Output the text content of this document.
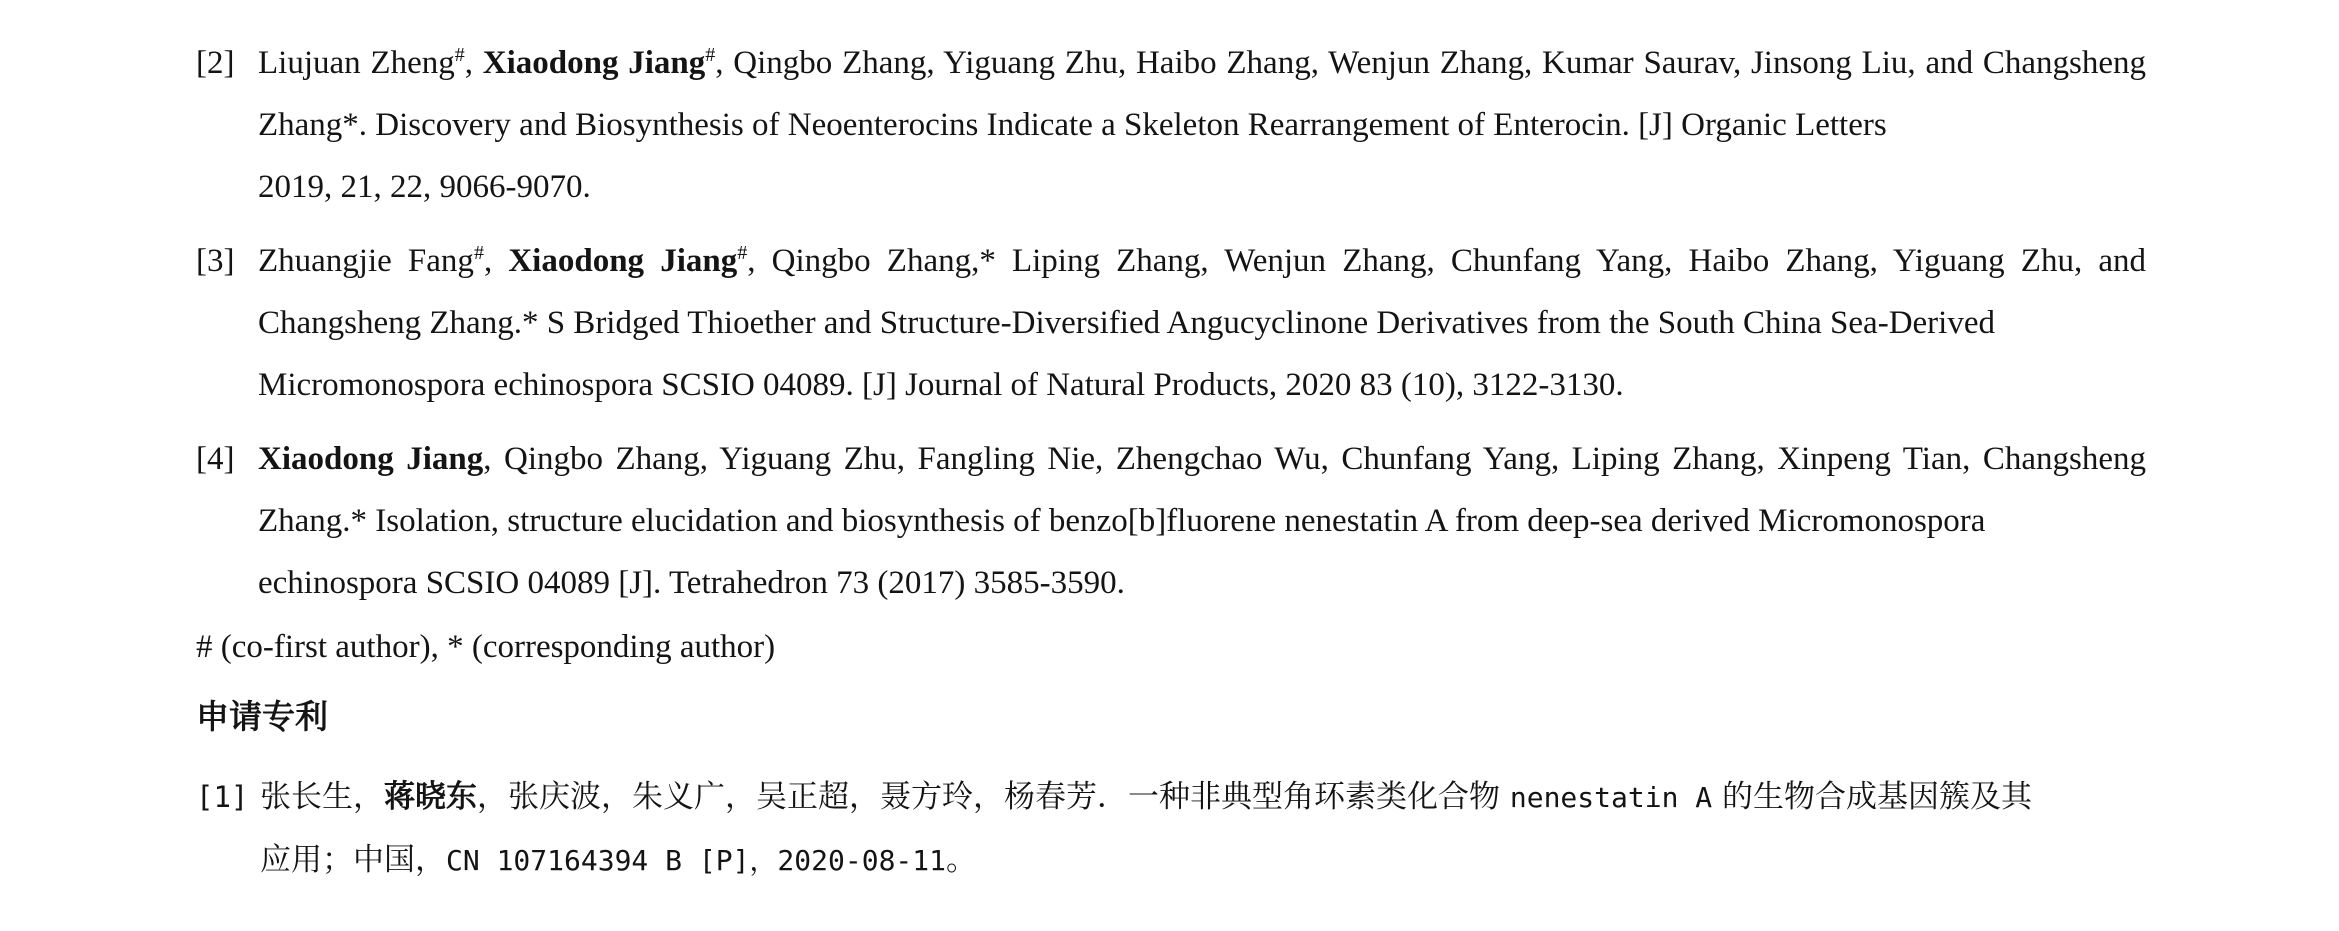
[2] Liujuan Zheng#, Xiaodong Jiang#, Qingbo Zhang, Yiguang Zhu, Haibo Zhang, Wenjun Zhang, Kumar Saurav, Jinsong Liu, and Changsheng Zhang*. Discovery and Biosynthesis of Neoenterocins Indicate a Skeleton Rearrangement of Enterocin. [J] Organic Letters
2019, 21, 22, 9066-9070.
[3] Zhuangjie Fang#, Xiaodong Jiang#, Qingbo Zhang,* Liping Zhang, Wenjun Zhang, Chunfang Yang, Haibo Zhang, Yiguang Zhu, and Changsheng Zhang.* S Bridged Thioether and Structure-Diversified Angucyclinone Derivatives from the South China Sea-Derived
Micromonospora echinospora SCSIO 04089. [J] Journal of Natural Products, 2020 83 (10), 3122-3130.
[4] Xiaodong Jiang, Qingbo Zhang, Yiguang Zhu, Fangling Nie, Zhengchao Wu, Chunfang Yang, Liping Zhang, Xinpeng Tian, Changsheng Zhang.* Isolation, structure elucidation and biosynthesis of benzo[b]fluorene nenestatin A from deep-sea derived Micromonospora
echinospora SCSIO 04089 [J]. Tetrahedron 73 (2017) 3585-3590.
# (co-first author), * (corresponding author)
申请专利
[1] 张长生，蒋晓东，张庆波，朱义广，吴正超，聂方玲，杨春芳．一种非典型角环素类化合物 nenestatin A 的生物合成基因簇及其
应用；中国，CN 107164394 B [P]，2020-08-11。
